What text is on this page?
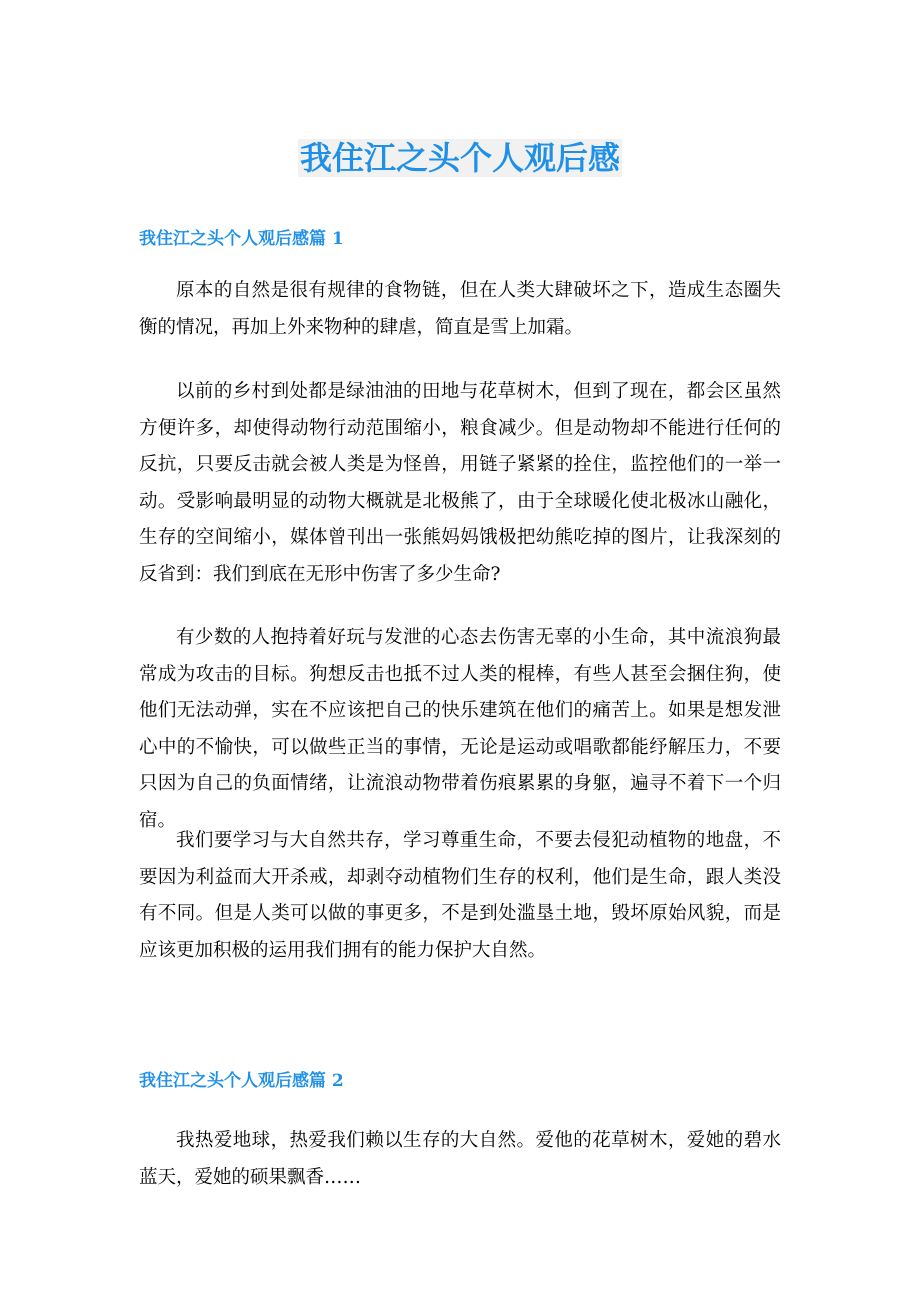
我住江之头个人观后感
我住江之头个人观后感篇 1

原本的自然是很有规律的食物链，但在人类大肆破坏之下，造成生态圈失衡的情况，再加上外来物种的肆虐，简直是雪上加霜。

以前的乡村到处都是绿油油的田地与花草树木，但到了现在，都会区虽然方便许多，却使得动物行动范围缩小，粮食减少。但是动物却不能进行任何的反抗，只要反击就会被人类是为怪兽，用链子紧紧的拴住，监控他们的一举一动。受影响最明显的动物大概就是北极熊了，由于全球暖化使北极冰山融化，生存的空间缩小，媒体曾刊出一张熊妈妈饿极把幼熊吃掉的图片，让我深刻的反省到：我们到底在无形中伤害了多少生命?

有少数的人抱持着好玩与发泄的心态去伤害无辜的小生命，其中流浪狗最常成为攻击的目标。狗想反击也抵不过人类的棍棒，有些人甚至会捆住狗，使他们无法动弹，实在不应该把自己的快乐建筑在他们的痛苦上。如果是想发泄心中的不愉快，可以做些正当的事情，无论是运动或唱歌都能纾解压力，不要只因为自己的负面情绪，让流浪动物带着伤痕累累的身躯，遍寻不着下一个归宿。

我们要学习与大自然共存，学习尊重生命，不要去侵犯动植物的地盘，不要因为利益而大开杀戒，却剥夺动植物们生存的权利，他们是生命，跟人类没有不同。但是人类可以做的事更多，不是到处滥垦土地，毁坏原始风貌，而是应该更加积极的运用我们拥有的能力保护大自然。

我住江之头个人观后感篇 2

我热爱地球，热爱我们赖以生存的大自然。爱他的花草树木，爱她的碧水蓝天，爱她的硕果飘香……
